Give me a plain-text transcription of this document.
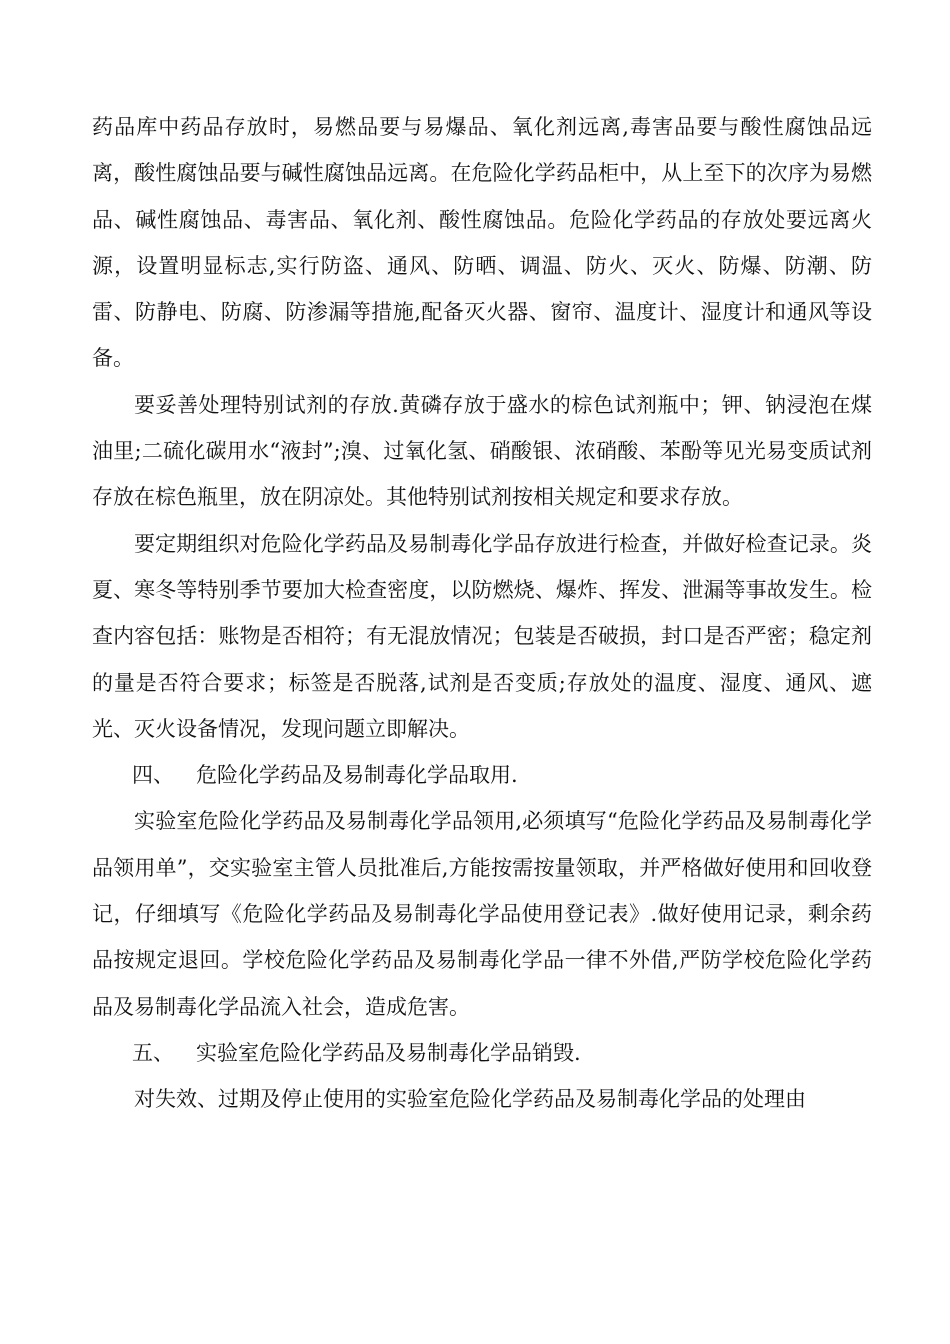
药品库中药品存放时，易燃品要与易爆品、氧化剂远离,毒害品要与酸性腐蚀品远离，酸性腐蚀品要与碱性腐蚀品远离。在危险化学药品柜中，从上至下的次序为易燃品、碱性腐蚀品、毒害品、氧化剂、酸性腐蚀品。危险化学药品的存放处要远离火源，设置明显标志,实行防盗、通风、防晒、调温、防火、灭火、防爆、防潮、防雷、防静电、防腐、防渗漏等措施,配备灭火器、窗帘、温度计、湿度计和通风等设备。

要妥善处理特别试剂的存放.黄磷存放于盛水的棕色试剂瓶中；钾、钠浸泡在煤油里;二硫化碳用水“液封”;溴、过氧化氢、硝酸银、浓硝酸、苯酚等见光易变质试剂存放在棕色瓶里，放在阴凉处。其他特别试剂按相关规定和要求存放。

要定期组织对危险化学药品及易制毒化学品存放进行检查，并做好检查记录。炎夏、寒冬等特别季节要加大检查密度，以防燃烧、爆炸、挥发、泄漏等事故发生。检查内容包括：账物是否相符；有无混放情况；包装是否破损，封口是否严密；稳定剂的量是否符合要求；标签是否脱落,试剂是否变质;存放处的温度、湿度、通风、遮光、灭火设备情况，发现问题立即解决。

四、 危险化学药品及易制毒化学品取用.

实验室危险化学药品及易制毒化学品领用,必须填写“危险化学药品及易制毒化学品领用单”，交实验室主管人员批准后,方能按需按量领取，并严格做好使用和回收登记，仔细填写《危险化学药品及易制毒化学品使用登记表》.做好使用记录，剩余药品按规定退回。学校危险化学药品及易制毒化学品一律不外借,严防学校危险化学药品及易制毒化学品流入社会，造成危害。

五、 实验室危险化学药品及易制毒化学品销毁.

对失效、过期及停止使用的实验室危险化学药品及易制毒化学品的处理由
